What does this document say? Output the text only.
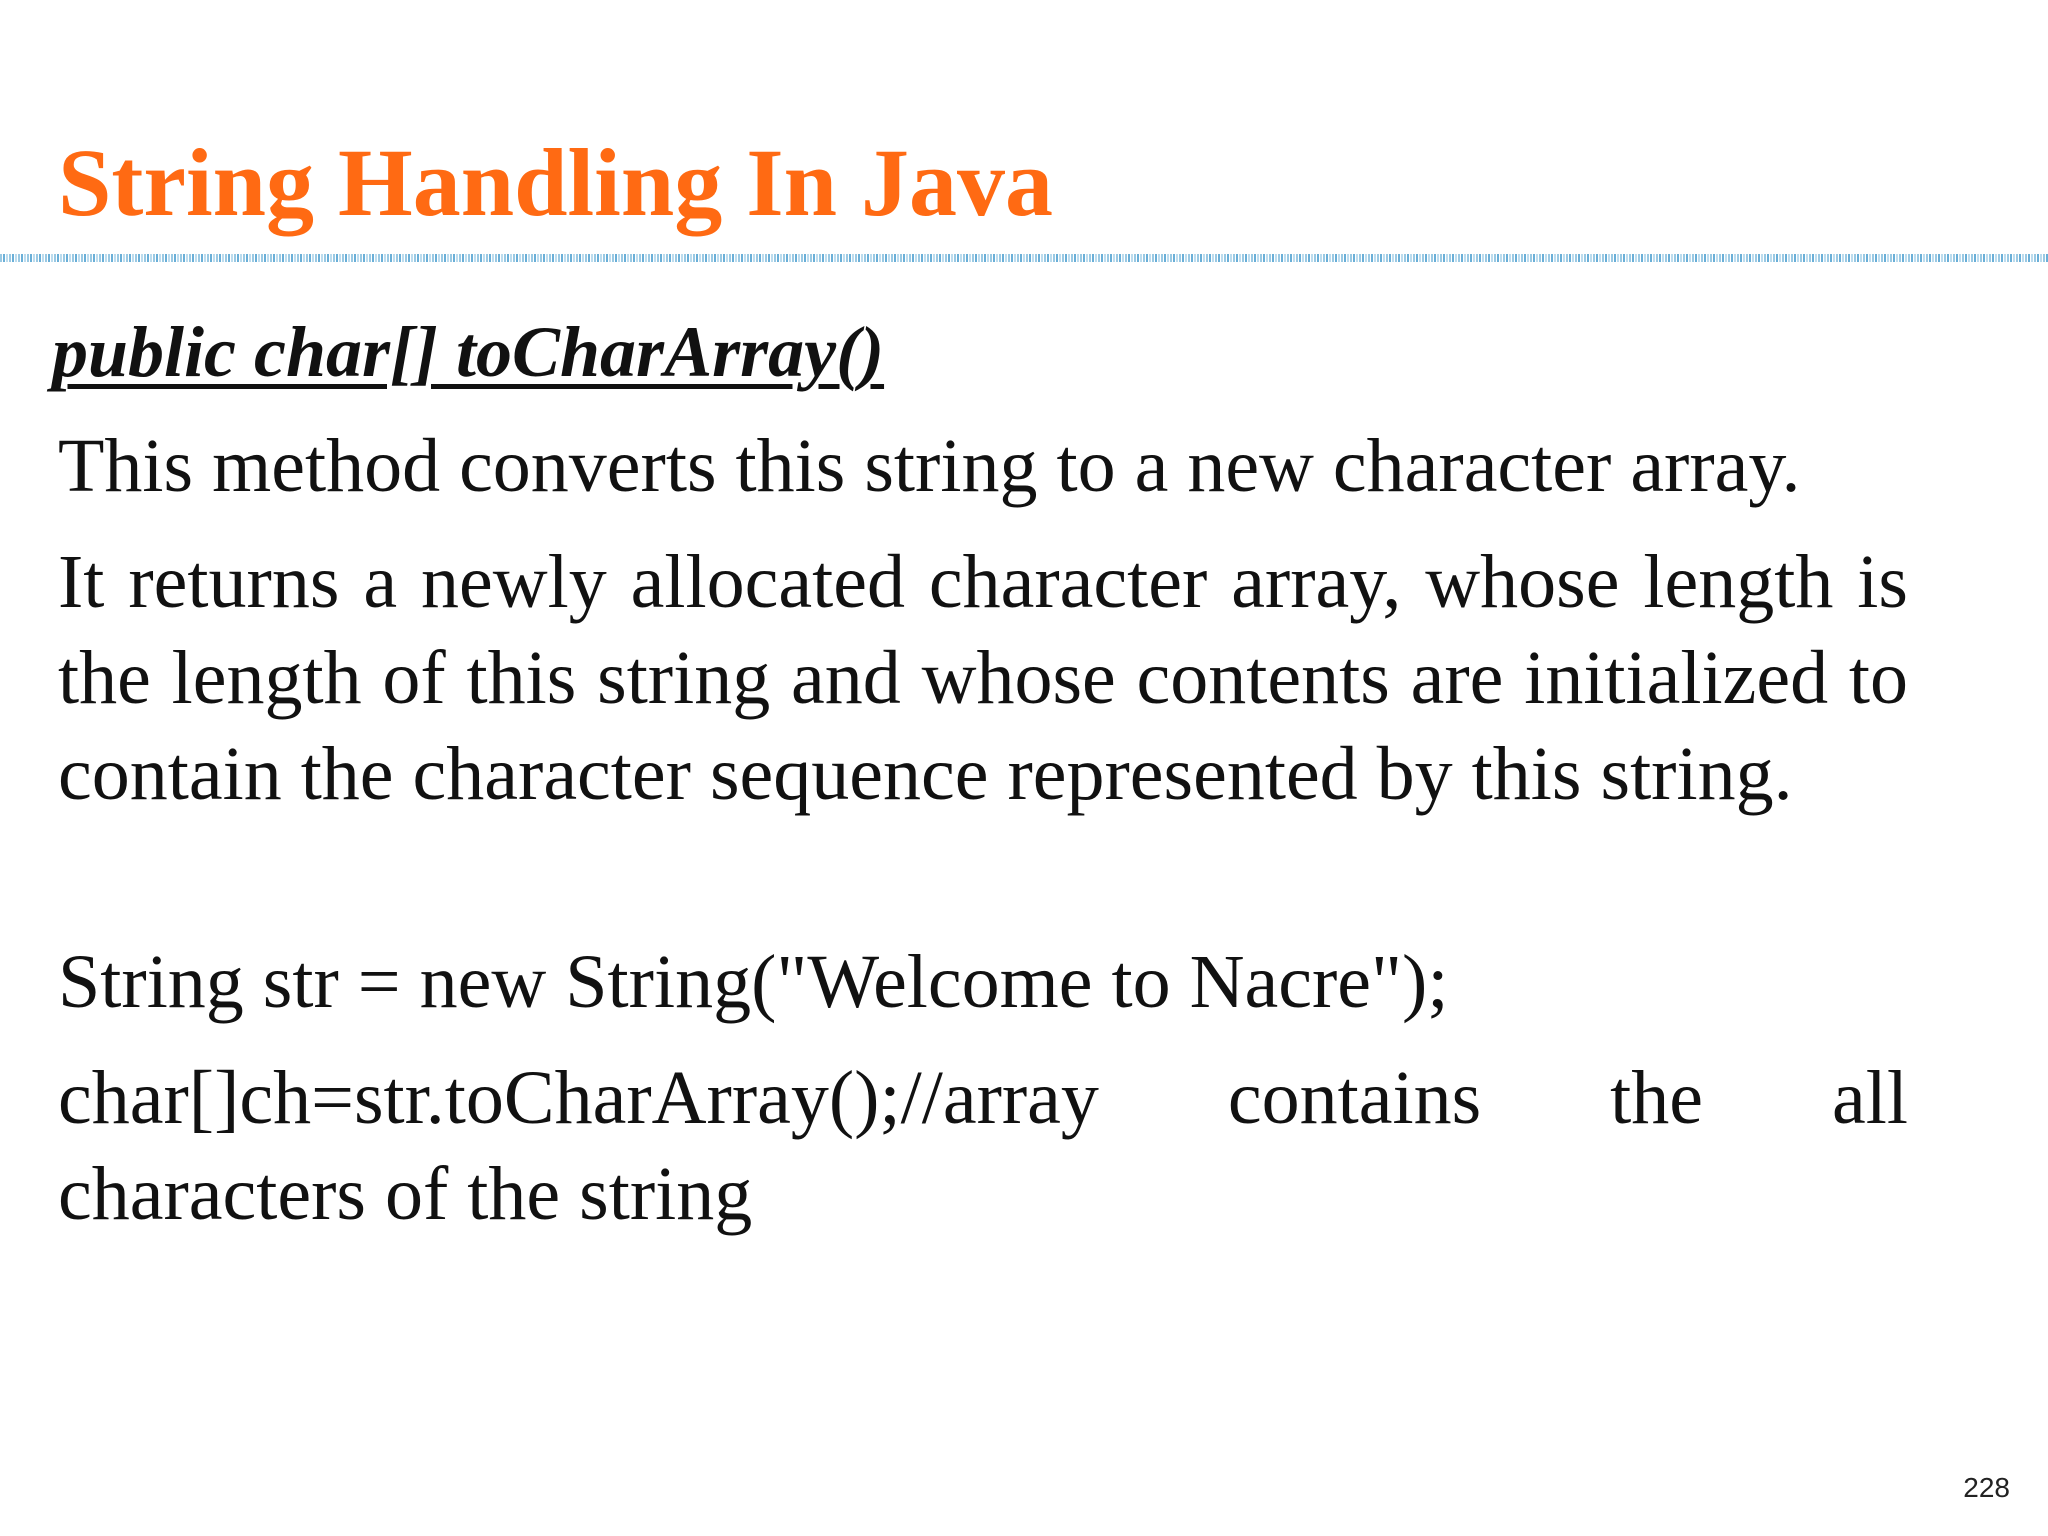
String Handling In Java
public char[] toCharArray()
This method converts this string to a new character array.
It returns a newly allocated character array, whose length is the length of this string and whose contents are initialized to contain the character sequence represented by this string.
String str = new String("Welcome to Nacre");
char[]ch=str.toCharArray();//array contains the all
characters of the string
228
